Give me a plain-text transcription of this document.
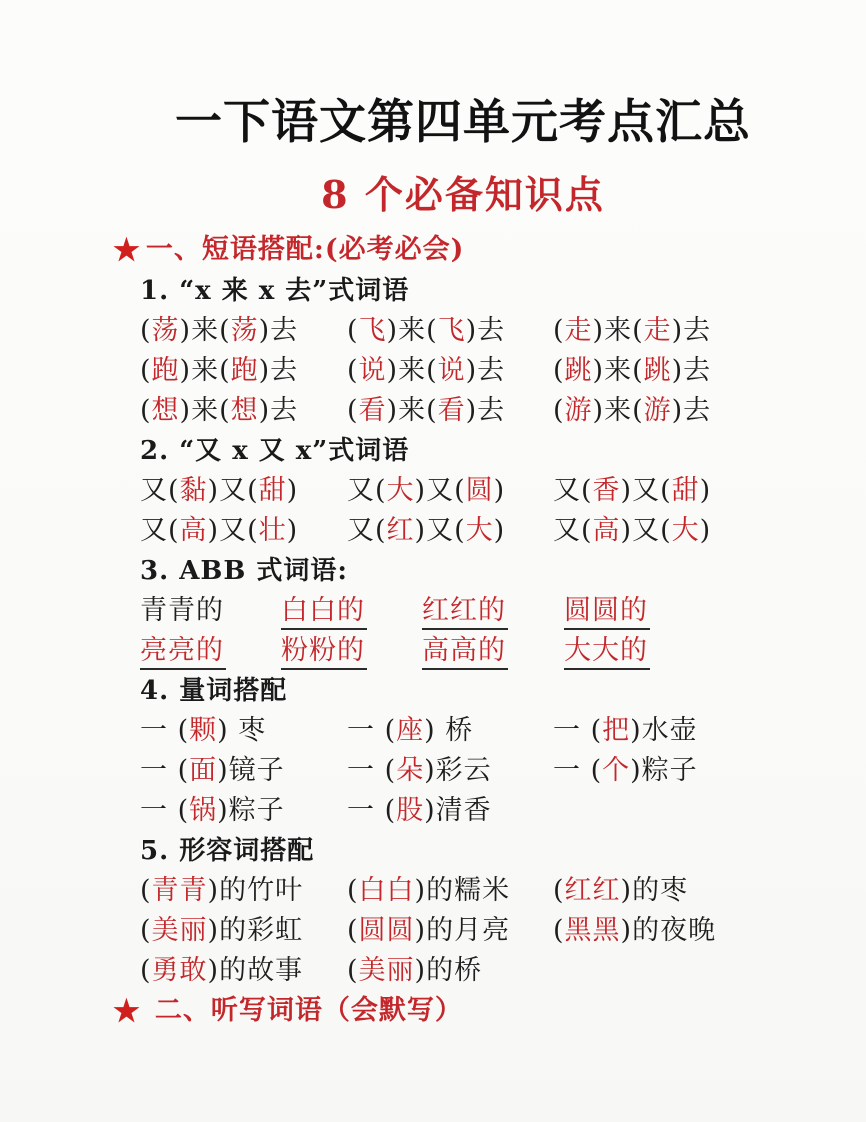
一下语文第四单元考点汇总
8 个必备知识点
★ 一、短语搭配:(必考必会)
1. “x 来 x 去”式词语
(荡)来(荡)去	(飞)来(飞)去	(走)来(走)去
(跑)来(跑)去	(说)来(说)去	(跳)来(跳)去
(想)来(想)去	(看)来(看)去	(游)来(游)去
2. “又 x 又 x”式词语
又(黏)又(甜)	又(大)又(圆)	又(香)又(甜)
又(高)又(壮)	又(红)又(大)	又(高)又(大)
3. ABB 式词语:
青青的	白白的	红红的	圆圆的
亮亮的	粉粉的	高高的	大大的
4. 量词搭配
一 (颗) 枣	一 (座) 桥	一 (把)水壶
一 (面)镜子	一 (朵)彩云	一 (个)粽子
一 (锅)粽子	一 (股)清香
5. 形容词搭配
(青青)的竹叶	(白白)的糯米	(红红)的枣
(美丽)的彩虹	(圆圆)的月亮	(黑黑)的夜晚
(勇敢)的故事	(美丽)的桥
★ 二、听写词语（会默写）
